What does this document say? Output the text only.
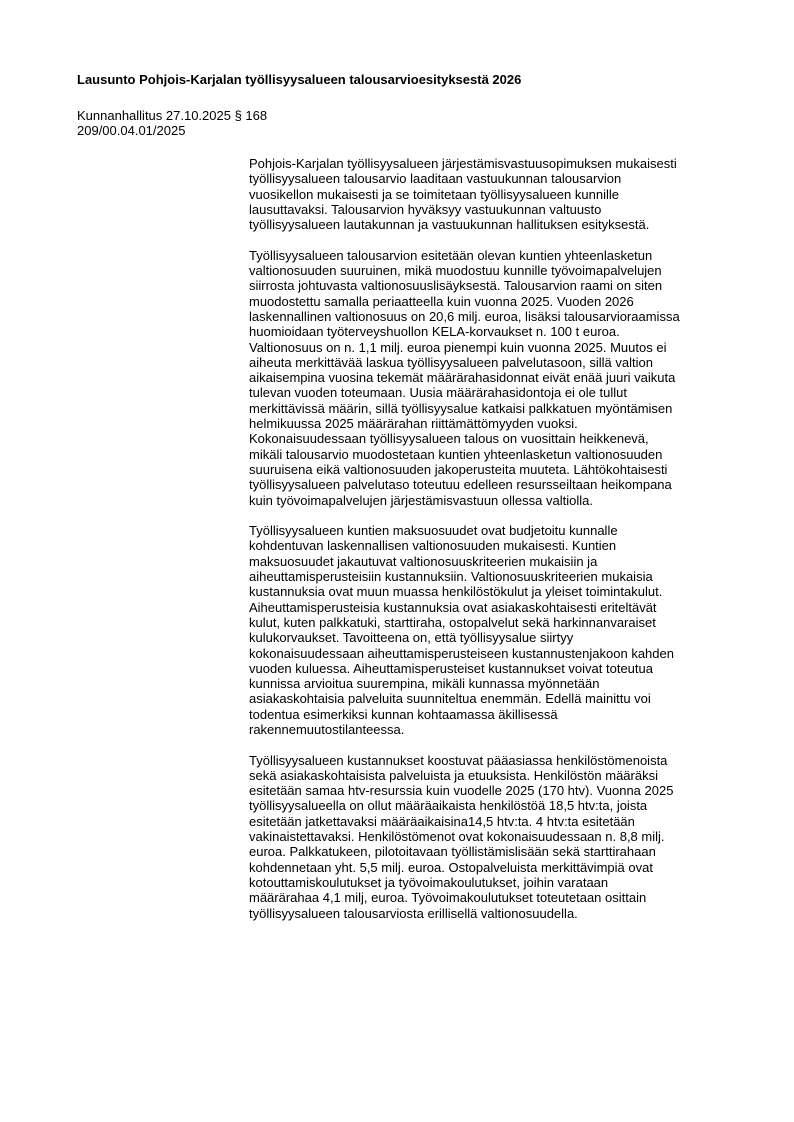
Lausunto Pohjois-Karjalan työllisyysalueen talousarvioesityksestä 2026
Kunnanhallitus 27.10.2025 § 168
209/00.04.01/2025

Pohjois-Karjalan työllisyysalueen järjestämisvastuusopimuksen mukaisesti
työllisyysalueen talousarvio laaditaan vastuukunnan talousarvion
vuosikellon mukaisesti ja se toimitetaan työllisyysalueen kunnille
lausuttavaksi. Talousarvion hyväksyy vastuukunnan valtuusto
työllisyysalueen lautakunnan ja vastuukunnan hallituksen esityksestä.

Työllisyysalueen talousarvion esitetään olevan kuntien yhteenlasketun
valtionosuuden suuruinen, mikä muodostuu kunnille työvoimapalvelujen
siirrosta johtuvasta valtionosuuslisäyksestä. Talousarvion raami on siten
muodostettu samalla periaatteella kuin vuonna 2025. Vuoden 2026
laskennallinen valtionosuus on 20,6 milj. euroa, lisäksi talousarvioraamissa
huomioidaan työterveyshuollon KELA-korvaukset n. 100 t euroa.
Valtionosuus on n. 1,1 milj. euroa pienempi kuin vuonna 2025. Muutos ei
aiheuta merkittävää laskua työllisyysalueen palvelutasoon, sillä valtion
aikaisempina vuosina tekemät määrärahasidonnat eivät enää juuri vaikuta
tulevan vuoden toteumaan. Uusia määrärahasidontoja ei ole tullut
merkittävissä määrin, sillä työllisyysalue katkaisi palkkatuen myöntämisen
helmikuussa 2025 määrärahan riittämättömyyden vuoksi.
Kokonaisuudessaan työllisyysalueen talous on vuosittain heikkenevä,
mikäli talousarvio muodostetaan kuntien yhteenlasketun valtionosuuden
suuruisena eikä valtionosuuden jakoperusteita muuteta. Lähtökohtaisesti
työllisyysalueen palvelutaso toteutuu edelleen resursseiltaan heikompana
kuin työvoimapalvelujen järjestämisvastuun ollessa valtiolla.

Työllisyysalueen kuntien maksuosuudet ovat budjetoitu kunnalle
kohdentuvan laskennallisen valtionosuuden mukaisesti. Kuntien
maksuosuudet jakautuvat valtionosuuskriteerien mukaisiin ja
aiheuttamisperusteisiin kustannuksiin. Valtionosuuskriteerien mukaisia
kustannuksia ovat muun muassa henkilöstökulut ja yleiset toimintakulut.
Aiheuttamisperusteisia kustannuksia ovat asiakaskohtaisesti eriteltävät
kulut, kuten palkkatuki, starttiraha, ostopalvelut sekä harkinnanvaraiset
kulukorvaukset. Tavoitteena on, että työllisyysalue siirtyy
kokonaisuudessaan aiheuttamisperusteiseen kustannustenjakoon kahden
vuoden kuluessa. Aiheuttamisperusteiset kustannukset voivat toteutua
kunnissa arvioitua suurempina, mikäli kunnassa myönnetään
asiakaskohtaisia palveluita suunniteltua enemmän. Edellä mainittu voi
todentua esimerkiksi kunnan kohtaamassa äkillisessä
rakennemuutostilanteessa.

Työllisyysalueen kustannukset koostuvat pääasiassa henkilöstömenoista
sekä asiakaskohtaisista palveluista ja etuuksista. Henkilöstön määräksi
esitetään samaa htv-resurssia kuin vuodelle 2025 (170 htv). Vuonna 2025
työllisyysalueella on ollut määräaikaista henkilöstöä 18,5 htv:ta, joista
esitetään jatkettavaksi määräaikaisina14,5 htv:ta. 4 htv:ta esitetään
vakinaistettavaksi. Henkilöstömenot ovat kokonaisuudessaan n. 8,8 milj.
euroa. Palkkatukeen, pilotoitavaan työllistämislisään sekä starttirahaan
kohdennetaan yht. 5,5 milj. euroa. Ostopalveluista merkittävimpiä ovat
kotouttamiskoulutukset ja työvoimakoulutukset, joihin varataan
määrärahaa 4,1 milj, euroa. Työvoimakoulutukset toteutetaan osittain
työllisyysalueen talousarviosta erillisellä valtionosuudella.
